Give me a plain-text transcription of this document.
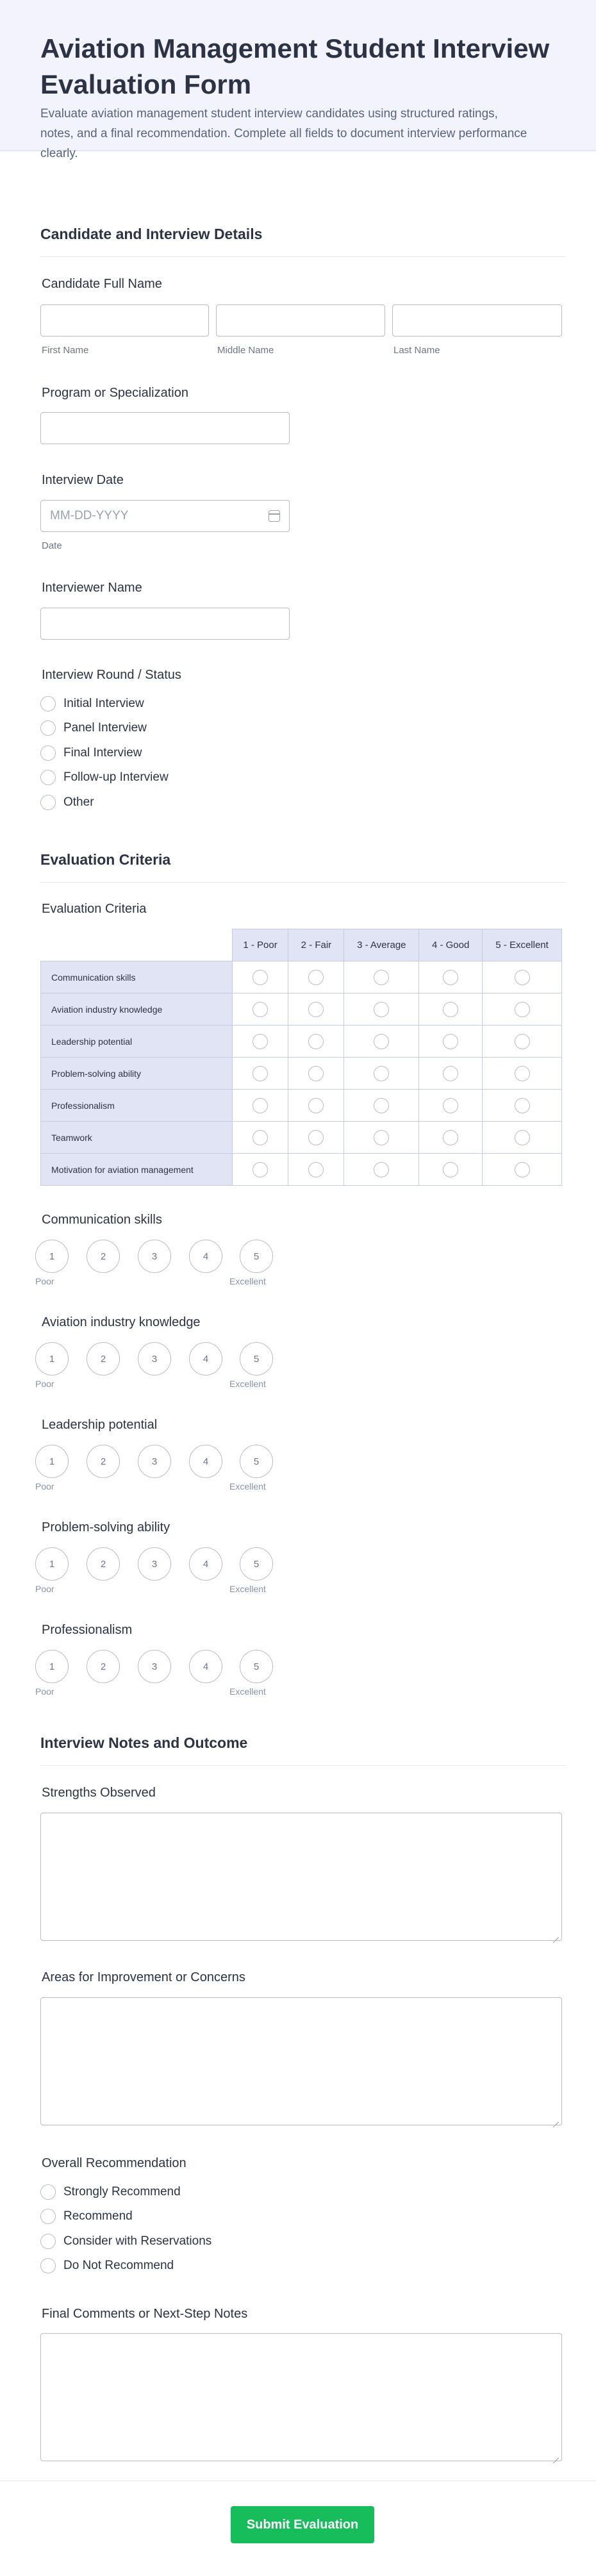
Aviation Management Student Interview Evaluation Form

Evaluate aviation management student interview candidates using structured ratings, notes, and a final recommendation. Complete all fields to document interview performance clearly.

Candidate and Interview Details
Candidate Full Name
First Name	Middle Name	Last Name
Program or Specialization
Interview Date
MM-DD-YYYY
Date
Interviewer Name
Interview Round / Status
Initial Interview
Panel Interview
Final Interview
Follow-up Interview
Other
Evaluation Criteria
Evaluation Criteria
	1 - Poor	2 - Fair	3 - Average	4 - Good	5 - Excellent
Communication skills					
Aviation industry knowledge					
Leadership potential					
Problem-solving ability					
Professionalism					
Teamwork					
Motivation for aviation management					
Communication skills
1	2	3	4	5
Poor	Excellent
Aviation industry knowledge
1	2	3	4	5
Poor	Excellent
Leadership potential
1	2	3	4	5
Poor	Excellent
Problem-solving ability
1	2	3	4	5
Poor	Excellent
Professionalism
1	2	3	4	5
Poor	Excellent
Interview Notes and Outcome
Strengths Observed
Areas for Improvement or Concerns
Overall Recommendation
Strongly Recommend
Recommend
Consider with Reservations
Do Not Recommend
Final Comments or Next-Step Notes
Submit Evaluation
